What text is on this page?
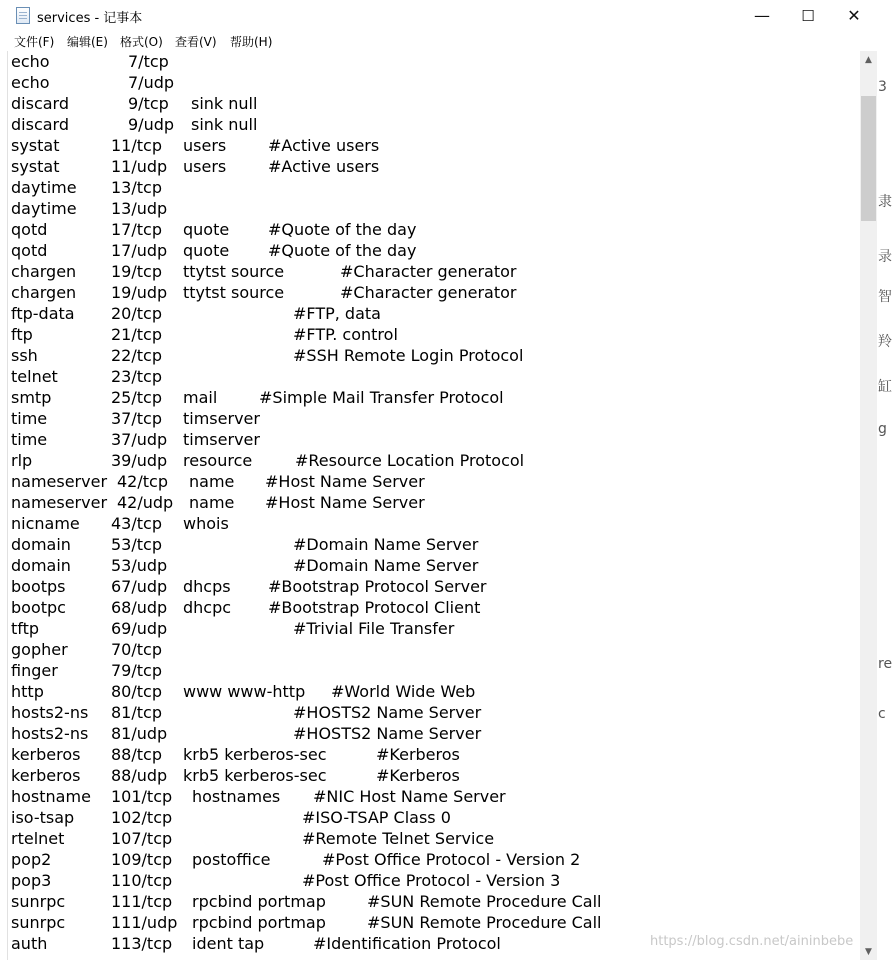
services - 记事本	—	☐	✕
文件(F) 编辑(E) 格式(O) 查看(V) 帮助(H)
echo	7/tcp
echo	7/udp
discard	9/tcp sink null
discard	9/udp sink null
systat	11/tcp users	#Active users
systat	11/udp users	#Active users
daytime 13/tcp
daytime 13/udp
qotd	17/tcp quote #Quote of the day
qotd	17/udp quote #Quote of the day
chargen 19/tcp ttytst source	#Character generator
chargen 19/udp ttytst source	#Character generator
ftp-data 20/tcp	#FTP, data
ftp	21/tcp	#FTP. control
ssh	22/tcp	#SSH Remote Login Protocol
telnet	23/tcp
smtp	25/tcp mail	#Simple Mail Transfer Protocol
time	37/tcp timserver
time	37/udp timserver
rlp	39/udp resource	#Resource Location Protocol
nameserver 42/tcp name #Host Name Server
nameserver 42/udp name #Host Name Server
nicname 43/tcp whois
domain	53/tcp	#Domain Name Server
domain	53/udp	#Domain Name Server
bootps	67/udp dhcps #Bootstrap Protocol Server
bootpc	68/udp dhcpc #Bootstrap Protocol Client
tftp	69/udp	#Trivial File Transfer
gopher	70/tcp
finger	79/tcp
http	80/tcp www www-http #World Wide Web
hosts2-ns 81/tcp	#HOSTS2 Name Server
hosts2-ns 81/udp	#HOSTS2 Name Server
kerberos 88/tcp krb5 kerberos-sec	#Kerberos
kerberos 88/udp krb5 kerberos-sec	#Kerberos
hostname 101/tcp hostnames #NIC Host Name Server
iso-tsap 102/tcp	#ISO-TSAP Class 0
rtelnet	107/tcp	#Remote Telnet Service
pop2	109/tcp postoffice	#Post Office Protocol - Version 2
pop3	110/tcp	#Post Office Protocol - Version 3
sunrpc	111/tcp rpcbind portmap	#SUN Remote Procedure Call
sunrpc	111/udp rpcbind portmap	#SUN Remote Procedure Call
auth	113/tcp ident tap	#Identification Protocol
▲
▼
3
隶
录
智
羚
缸
g
re
c
https://blog.csdn.net/aininbebe
